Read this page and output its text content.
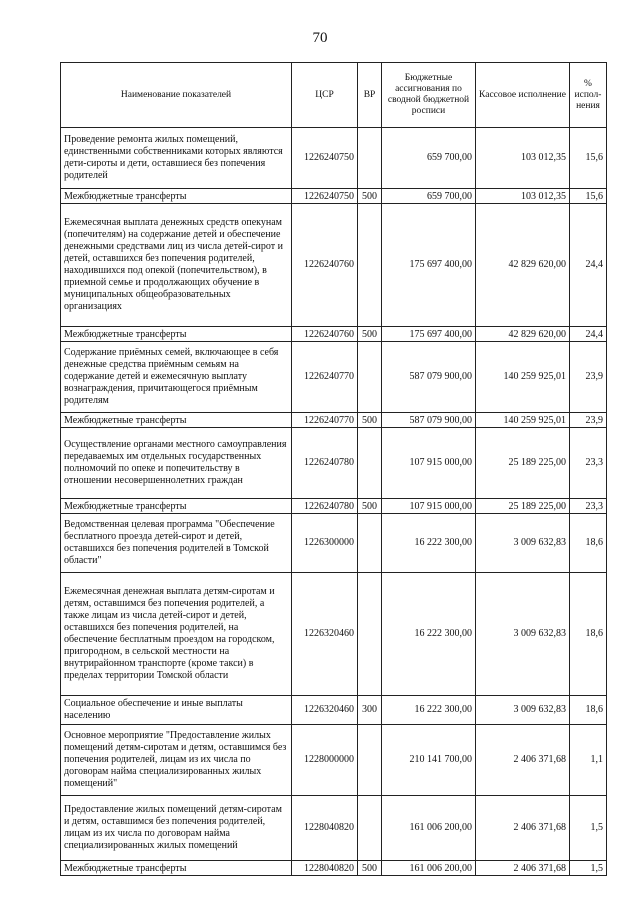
70
Наименование показателей	ЦСР	ВР	Бюджетные ассигнования по сводной бюджетной росписи	Кассовое исполнение	% испол-нения
Проведение ремонта жилых помещений, единственными собственниками которых являются дети-сироты и дети, оставшиеся без попечения родителей	1226240750		659 700,00	103 012,35	15,6
Межбюджетные трансферты	1226240750	500	659 700,00	103 012,35	15,6
Ежемесячная выплата денежных средств опекунам (попечителям) на содержание детей и обеспечение денежными средствами лиц из числа детей-сирот и детей, оставшихся без попечения родителей, находившихся под опекой (попечительством), в приемной семье и продолжающих обучение в муниципальных общеобразовательных организациях	1226240760		175 697 400,00	42 829 620,00	24,4
Межбюджетные трансферты	1226240760	500	175 697 400,00	42 829 620,00	24,4
Содержание приёмных семей, включающее в себя денежные средства приёмным семьям на содержание детей и ежемесячную выплату вознаграждения, причитающегося приёмным родителям	1226240770		587 079 900,00	140 259 925,01	23,9
Межбюджетные трансферты	1226240770	500	587 079 900,00	140 259 925,01	23,9
Осуществление органами местного самоуправления передаваемых им отдельных государственных полномочий по опеке и попечительству в отношении несовершеннолетних граждан	1226240780		107 915 000,00	25 189 225,00	23,3
Межбюджетные трансферты	1226240780	500	107 915 000,00	25 189 225,00	23,3
Ведомственная целевая программа "Обеспечение бесплатного проезда детей-сирот и детей, оставшихся без попечения родителей в Томской области"	1226300000		16 222 300,00	3 009 632,83	18,6
Ежемесячная денежная выплата детям-сиротам и детям, оставшимся без попечения родителей, а также лицам из числа детей-сирот и детей, оставшихся без попечения родителей, на обеспечение бесплатным проездом на городском, пригородном, в сельской местности на внутрирайонном транспорте (кроме такси) в пределах территории Томской области	1226320460		16 222 300,00	3 009 632,83	18,6
Социальное обеспечение и иные выплаты населению	1226320460	300	16 222 300,00	3 009 632,83	18,6
Основное мероприятие "Предоставление жилых помещений детям-сиротам и детям, оставшимся без попечения родителей, лицам из их числа по договорам найма специализированных жилых помещений"	1228000000		210 141 700,00	2 406 371,68	1,1
Предоставление жилых помещений детям-сиротам и детям, оставшимся без попечения родителей, лицам из их числа по договорам найма специализированных жилых помещений	1228040820		161 006 200,00	2 406 371,68	1,5
Межбюджетные трансферты	1228040820	500	161 006 200,00	2 406 371,68	1,5
